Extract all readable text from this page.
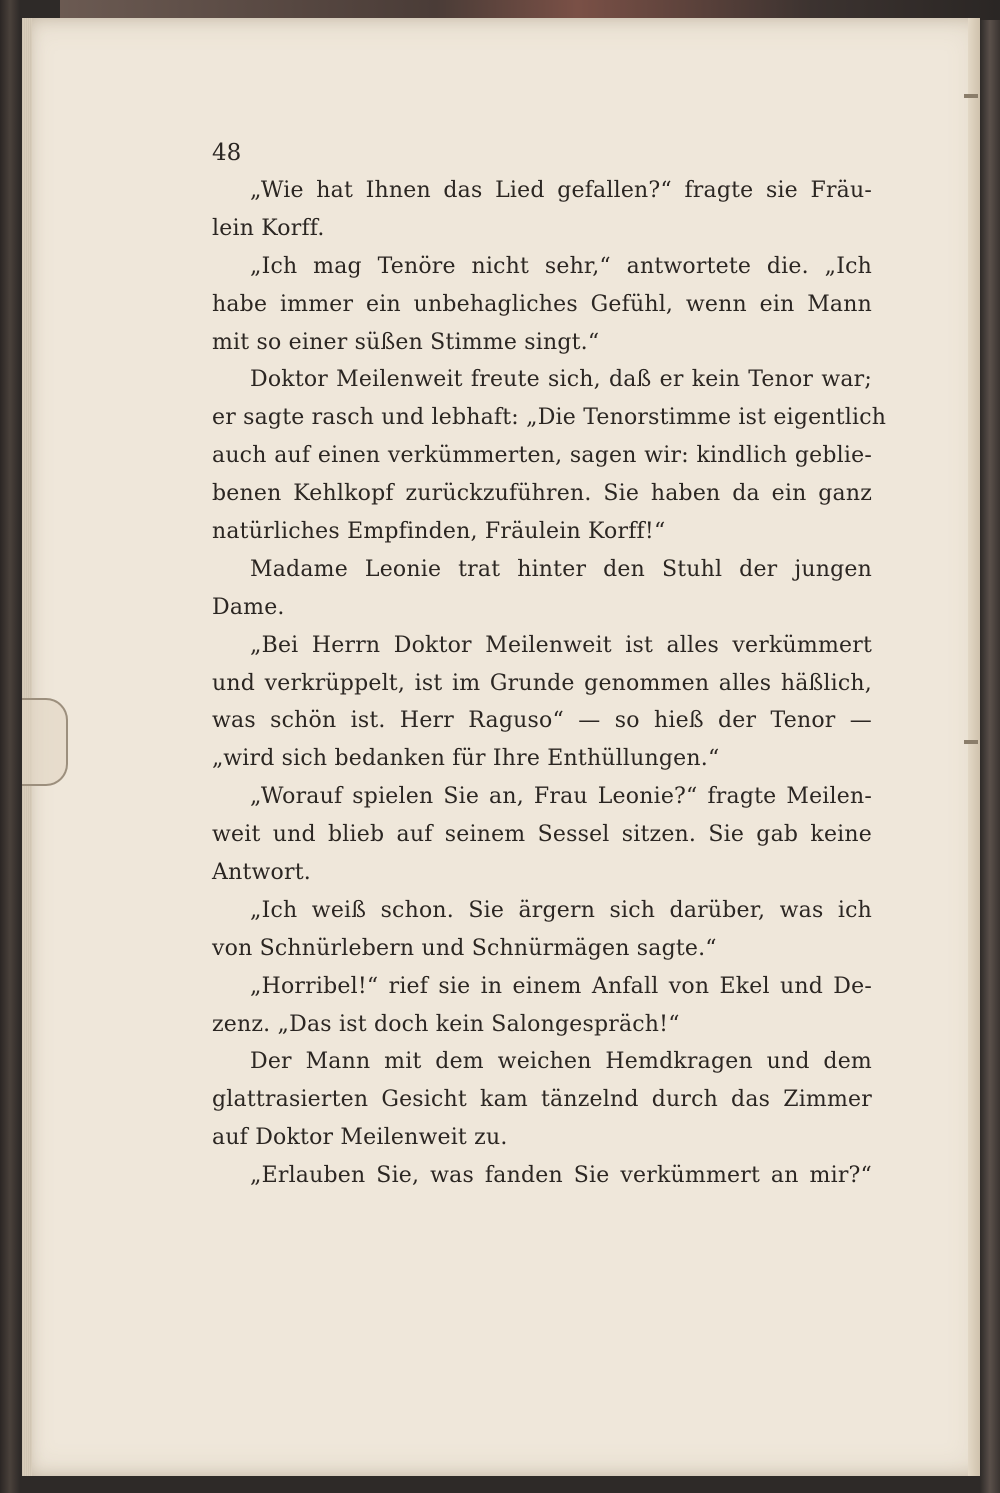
48
„Wie hat Ihnen das Lied gefallen?“ fragte sie Fräu-
lein Korff.
„Ich mag Tenöre nicht sehr,“ antwortete die. „Ich
habe immer ein unbehagliches Gefühl, wenn ein Mann
mit so einer süßen Stimme singt.“
Doktor Meilenweit freute sich, daß er kein Tenor war;
er sagte rasch und lebhaft: „Die Tenorstimme ist eigentlich
auch auf einen verkümmerten, sagen wir: kindlich geblie-
benen Kehlkopf zurückzuführen. Sie haben da ein ganz
natürliches Empfinden, Fräulein Korff!“
Madame Leonie trat hinter den Stuhl der jungen
Dame.
„Bei Herrn Doktor Meilenweit ist alles verkümmert
und verkrüppelt, ist im Grunde genommen alles häßlich,
was schön ist. Herr Raguso“ — so hieß der Tenor —
„wird sich bedanken für Ihre Enthüllungen.“
„Worauf spielen Sie an, Frau Leonie?“ fragte Meilen-
weit und blieb auf seinem Sessel sitzen. Sie gab keine
Antwort.
„Ich weiß schon. Sie ärgern sich darüber, was ich
von Schnürlebern und Schnürmägen sagte.“
„Horribel!“ rief sie in einem Anfall von Ekel und De-
zenz. „Das ist doch kein Salongespräch!“
Der Mann mit dem weichen Hemdkragen und dem
glattrasierten Gesicht kam tänzelnd durch das Zimmer
auf Doktor Meilenweit zu.
„Erlauben Sie, was fanden Sie verkümmert an mir?“
